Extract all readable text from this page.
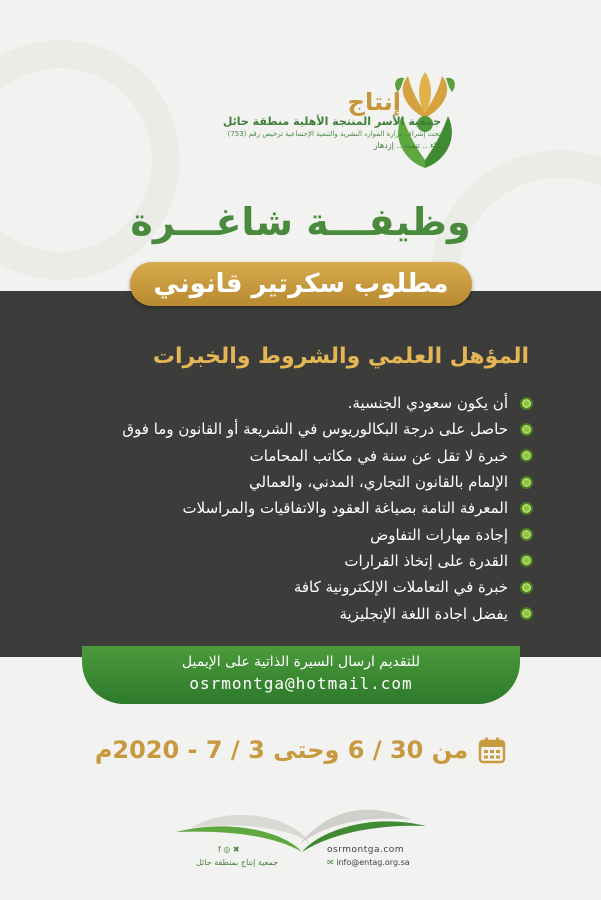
إنتاج
جمعية الأسر المنتجة الأهلية منطقة حائل
تحت إشراف وزارة الموارد البشرية والتنمية الإجتماعية ترخيص رقم (753)
بناء .. تنمية .. إزدهار
وظيفـــة شاغـــرة
مطلوب سكرتير قانوني
المؤهل العلمي والشروط والخبرات
أن يكون سعودي الجنسية.
حاصل على درجة البكالوريوس في الشريعة أو القانون وما فوق
خبرة لا تقل عن سنة في مكاتب المحامات
الإلمام بالقانون التجاري، المدني، والعمالي
المعرفة التامة بصياغة العقود والاتفاقيات والمراسلات
إجادة مهارات التفاوض
القدرة على إتخاذ القرارات
خبرة في التعاملات الإلكترونية كافة
يفضل اجادة اللغة الإنجليزية
للتقديم ارسال السيرة الذاتية على الإيميل
osrmontga@hotmail.com
من 30 / 6 وحتى 3 / 7 - 2020م
f ◎ ✖
جمعية إنتاج بمنطقة حائل
osrmontga.com
✉ info@entag.org.sa
